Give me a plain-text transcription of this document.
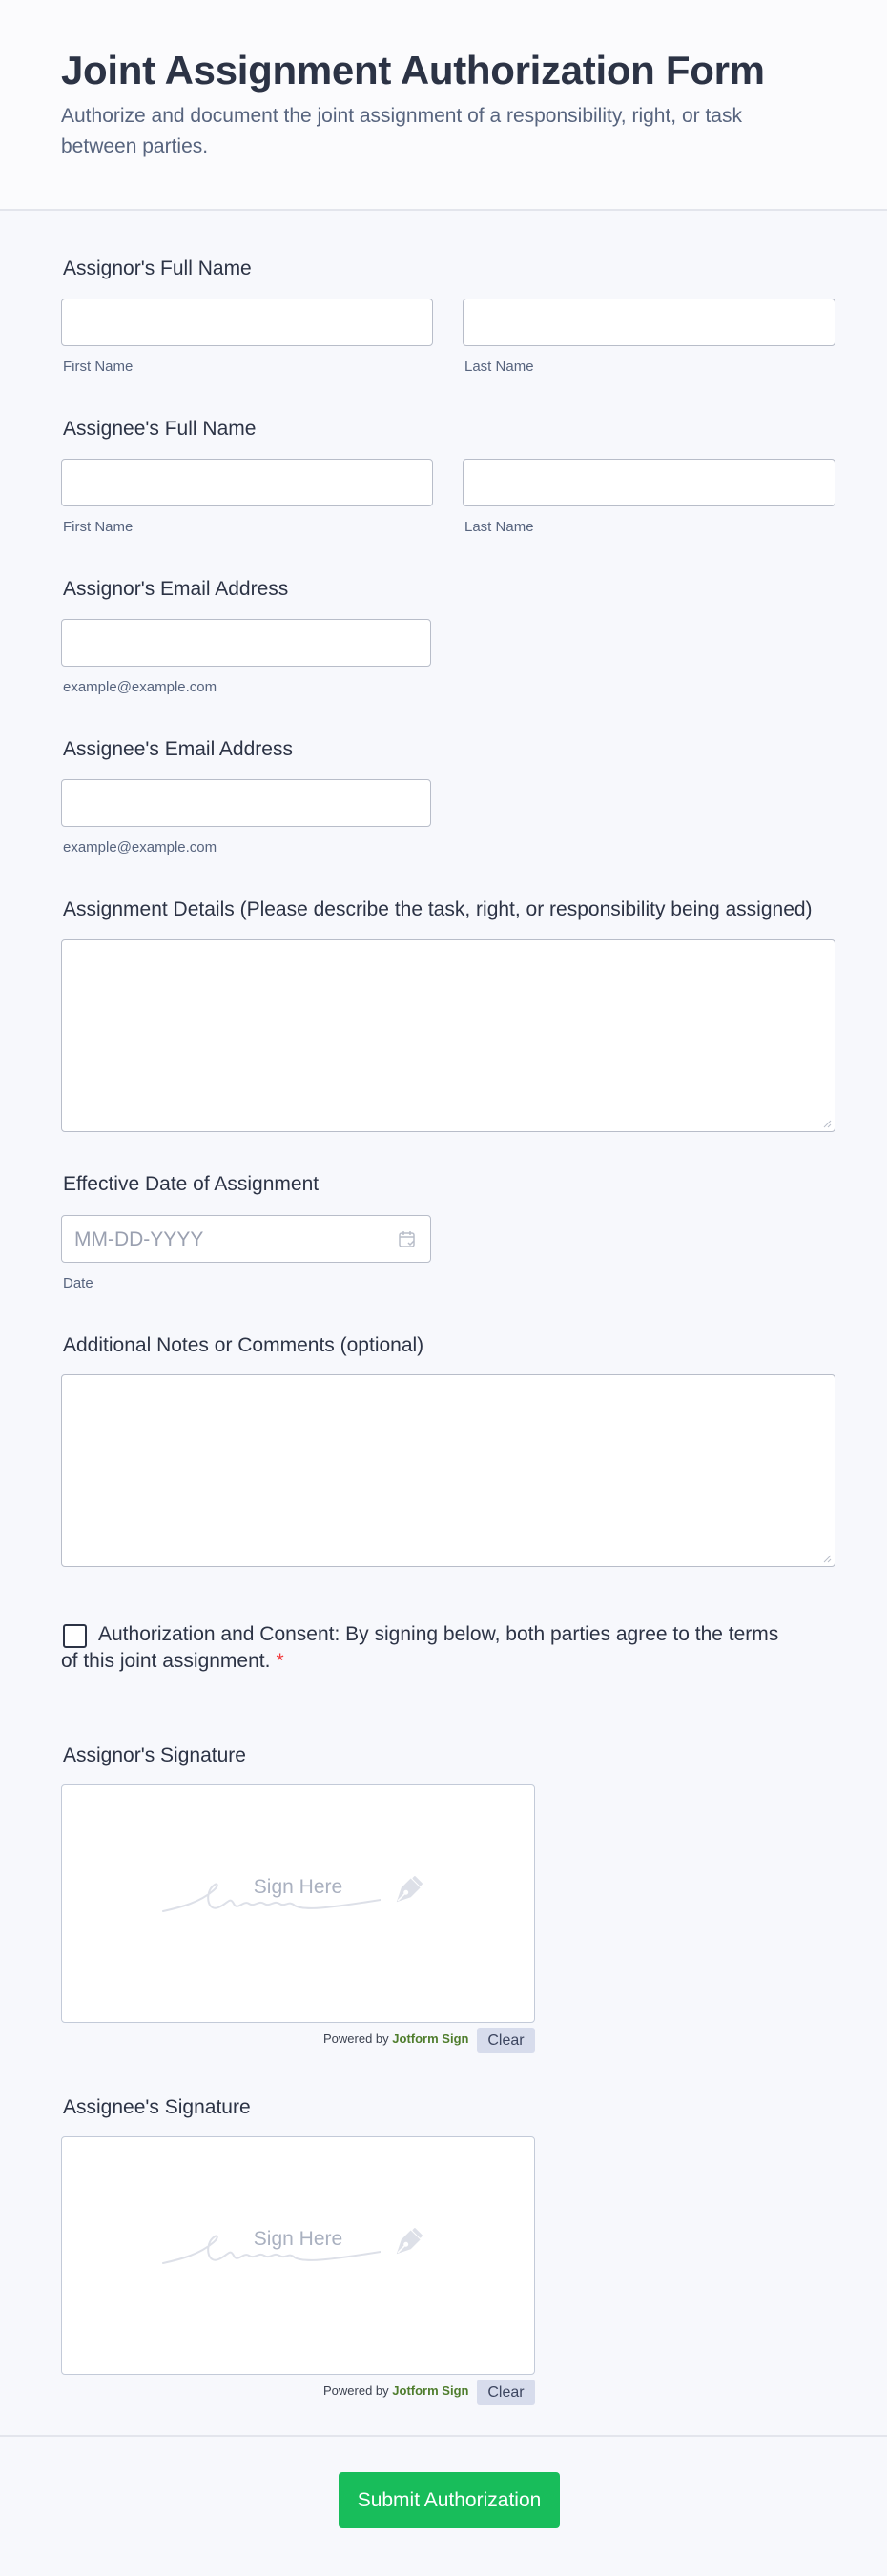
Joint Assignment Authorization Form

Authorize and document the joint assignment of a responsibility, right, or task between parties.

Assignor's Full Name
First Name	Last Name
Assignee's Full Name
First Name	Last Name
Assignor's Email Address
example@example.com
Assignee's Email Address
example@example.com
Assignment Details (Please describe the task, right, or responsibility being assigned)
Effective Date of Assignment
MM-DD-YYYY
Date
Additional Notes or Comments (optional)

Authorization and Consent: By signing below, both parties agree to the terms of this joint assignment. *

Assignor's Signature
Sign Here
Powered by Jotform Sign	Clear
Assignee's Signature
Sign Here
Powered by Jotform Sign	Clear
Submit Authorization
